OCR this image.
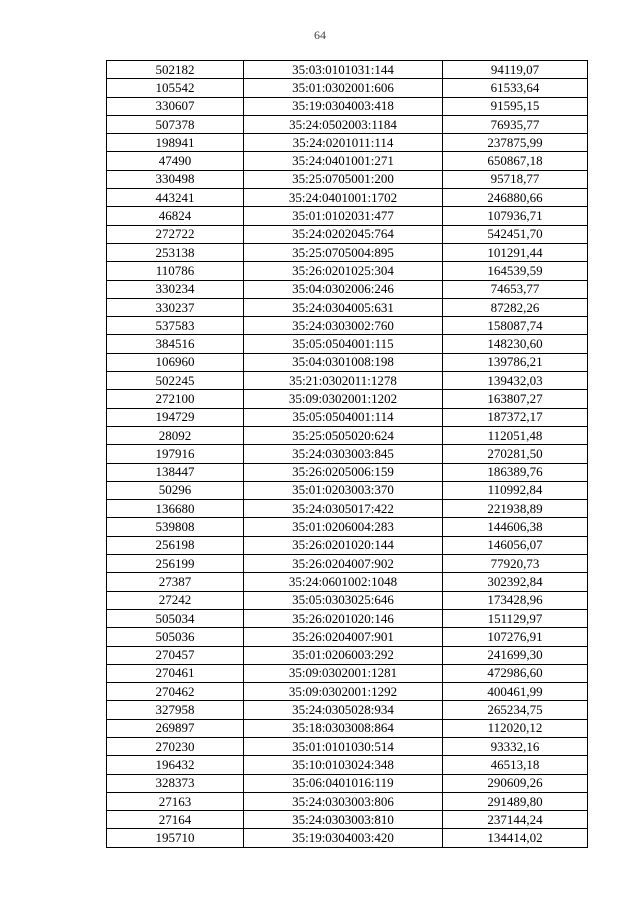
64
502182	35:03:0101031:144	94119,07
105542	35:01:0302001:606	61533,64
330607	35:19:0304003:418	91595,15
507378	35:24:0502003:1184	76935,77
198941	35:24:0201011:114	237875,99
47490	35:24:0401001:271	650867,18
330498	35:25:0705001:200	95718,77
443241	35:24:0401001:1702	246880,66
46824	35:01:0102031:477	107936,71
272722	35:24:0202045:764	542451,70
253138	35:25:0705004:895	101291,44
110786	35:26:0201025:304	164539,59
330234	35:04:0302006:246	74653,77
330237	35:24:0304005:631	87282,26
537583	35:24:0303002:760	158087,74
384516	35:05:0504001:115	148230,60
106960	35:04:0301008:198	139786,21
502245	35:21:0302011:1278	139432,03
272100	35:09:0302001:1202	163807,27
194729	35:05:0504001:114	187372,17
28092	35:25:0505020:624	112051,48
197916	35:24:0303003:845	270281,50
138447	35:26:0205006:159	186389,76
50296	35:01:0203003:370	110992,84
136680	35:24:0305017:422	221938,89
539808	35:01:0206004:283	144606,38
256198	35:26:0201020:144	146056,07
256199	35:26:0204007:902	77920,73
27387	35:24:0601002:1048	302392,84
27242	35:05:0303025:646	173428,96
505034	35:26:0201020:146	151129,97
505036	35:26:0204007:901	107276,91
270457	35:01:0206003:292	241699,30
270461	35:09:0302001:1281	472986,60
270462	35:09:0302001:1292	400461,99
327958	35:24:0305028:934	265234,75
269897	35:18:0303008:864	112020,12
270230	35:01:0101030:514	93332,16
196432	35:10:0103024:348	46513,18
328373	35:06:0401016:119	290609,26
27163	35:24:0303003:806	291489,80
27164	35:24:0303003:810	237144,24
195710	35:19:0304003:420	134414,02
